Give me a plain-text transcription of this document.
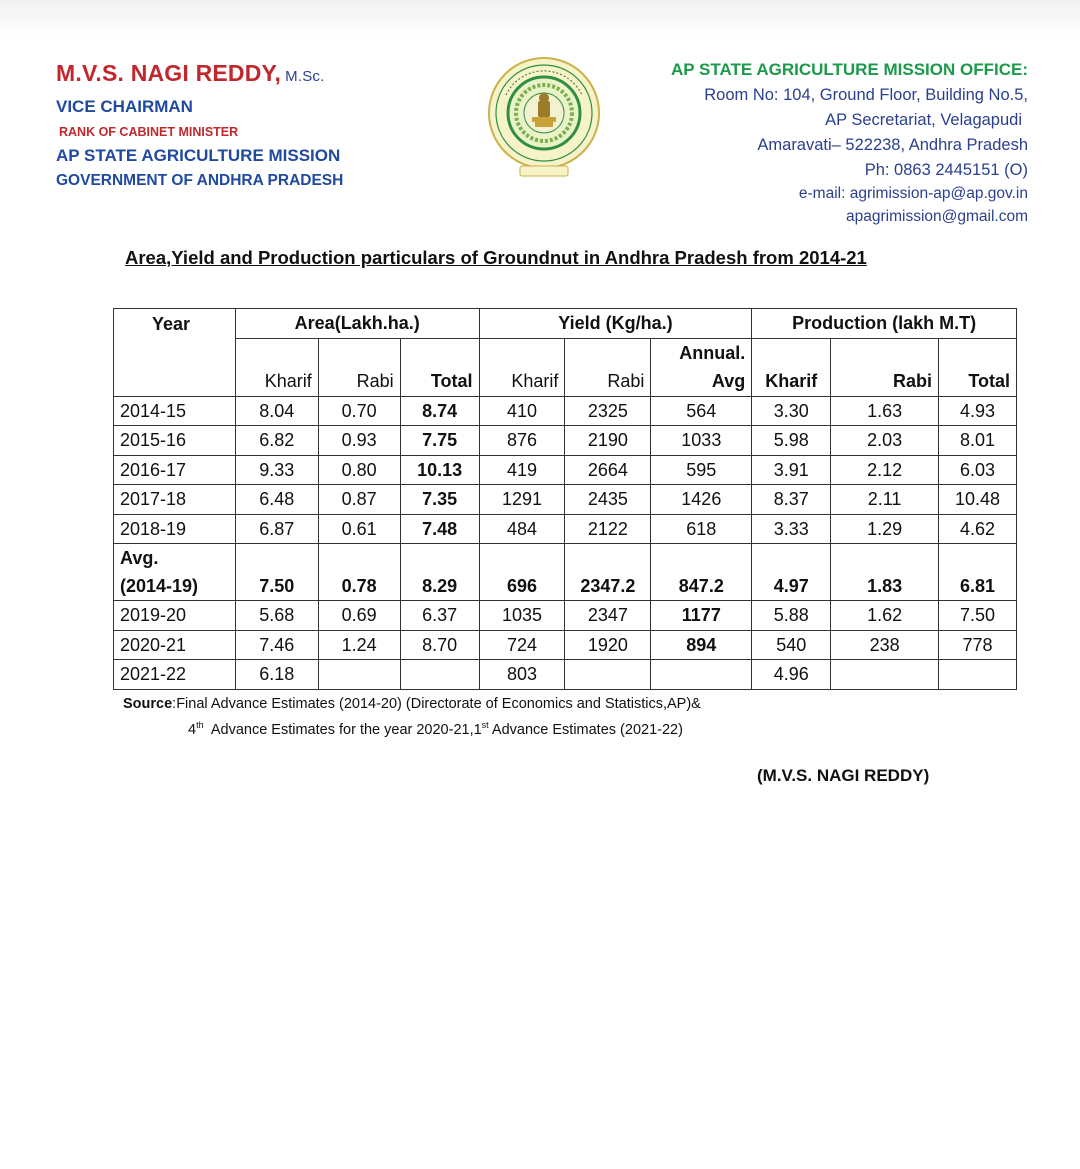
M.V.S. NAGI REDDY, M.Sc.
VICE CHAIRMAN
RANK OF CABINET MINISTER
AP STATE AGRICULTURE MISSION
GOVERNMENT OF ANDHRA PRADESH
AP STATE AGRICULTURE MISSION OFFICE:
Room No: 104, Ground Floor, Building No.5,
AP Secretariat, Velagapudi
Amaravati– 522238, Andhra Pradesh
Ph: 0863 2445151 (O)
e-mail: agrimission-ap@ap.gov.in
apagrimission@gmail.com
Area,Yield and Production particulars of Groundnut in Andhra Pradesh from 2014-21
Year	Area(Lakh.ha.)			Yield (Kg/ha.)			Production (lakh M.T)		
						Annual.			
	Kharif	Rabi	Total	Kharif	Rabi	Avg	Kharif	Rabi	Total
2014-15	8.04	0.70	8.74	410	2325	564	3.30	1.63	4.93
2015-16	6.82	0.93	7.75	876	2190	1033	5.98	2.03	8.01
2016-17	9.33	0.80	10.13	419	2664	595	3.91	2.12	6.03
2017-18	6.48	0.87	7.35	1291	2435	1426	8.37	2.11	10.48
2018-19	6.87	0.61	7.48	484	2122	618	3.33	1.29	4.62

Avg.
(2014-19)	7.50	0.78	8.29	696	2347.2	847.2	4.97	1.83	6.81
2019-20	5.68	0.69	6.37	1035	2347	1177	5.88	1.62	7.50
2020-21	7.46	1.24	8.70	724	1920	894	540	238	778
2021-22	6.18			803			4.96		
Source:Final Advance Estimates (2014-20) (Directorate of Economics and Statistics,AP)&
4th  Advance Estimates for the year 2020-21,1st Advance Estimates (2021-22)
(M.V.S. NAGI REDDY)
